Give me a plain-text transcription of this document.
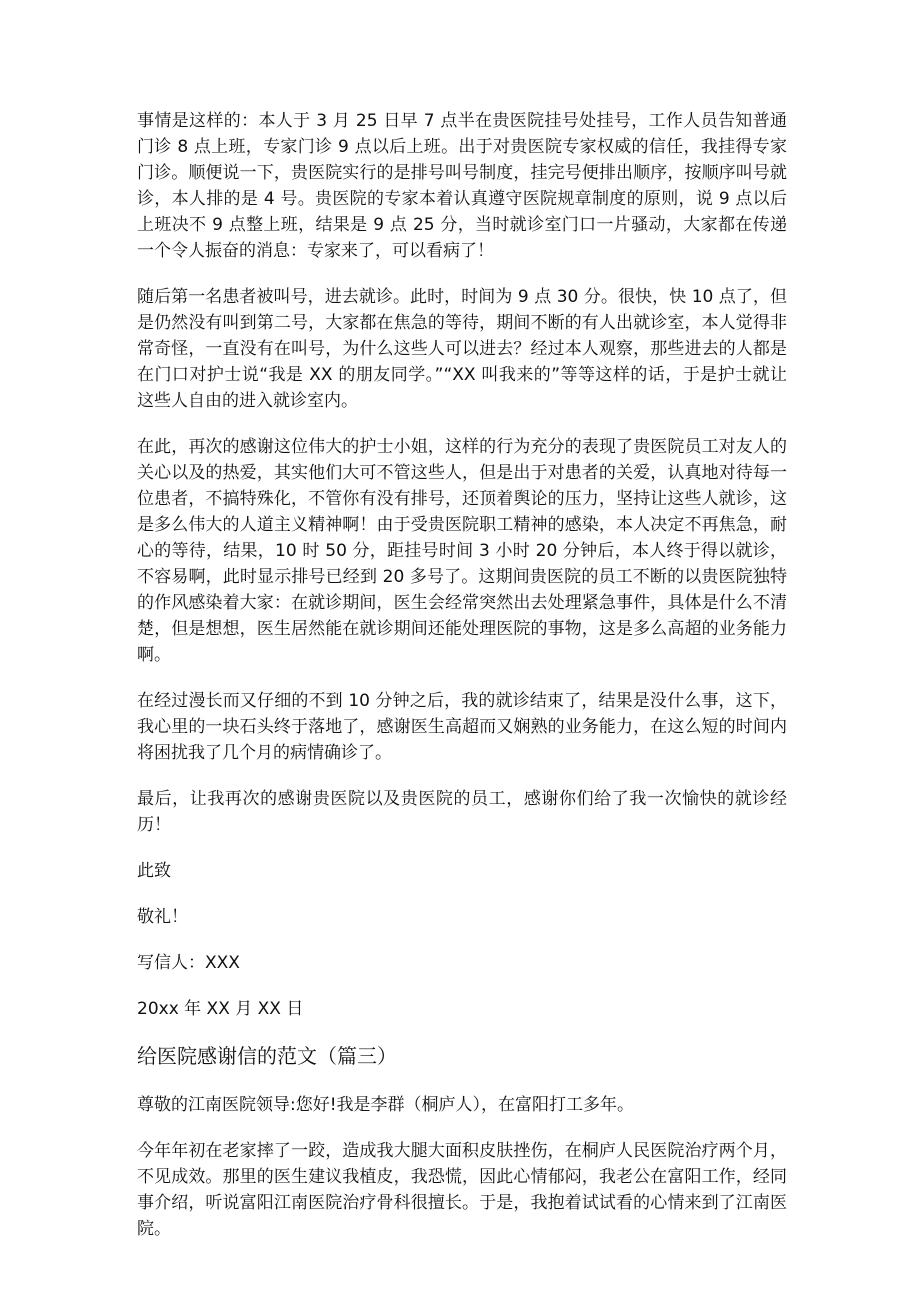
事情是这样的：本人于 3 月 25 日早 7 点半在贵医院挂号处挂号，工作人员告知普通门诊 8 点上班，专家门诊 9 点以后上班。出于对贵医院专家权威的信任，我挂得专家门诊。顺便说一下，贵医院实行的是排号叫号制度，挂完号便排出顺序，按顺序叫号就诊，本人排的是 4 号。贵医院的专家本着认真遵守医院规章制度的原则，说 9 点以后上班决不 9 点整上班，结果是 9 点 25 分，当时就诊室门口一片骚动，大家都在传递一个令人振奋的消息：专家来了，可以看病了！

随后第一名患者被叫号，进去就诊。此时，时间为 9 点 30 分。很快，快 10 点了，但是仍然没有叫到第二号，大家都在焦急的等待，期间不断的有人出就诊室，本人觉得非常奇怪，一直没有在叫号，为什么这些人可以进去？经过本人观察，那些进去的人都是在门口对护士说“我是 XX 的朋友同学。”“XX 叫我来的”等等这样的话，于是护士就让这些人自由的进入就诊室内。

在此，再次的感谢这位伟大的护士小姐，这样的行为充分的表现了贵医院员工对友人的关心以及的热爱，其实他们大可不管这些人，但是出于对患者的关爱，认真地对待每一位患者，不搞特殊化，不管你有没有排号，还顶着舆论的压力，坚持让这些人就诊，这是多么伟大的人道主义精神啊！由于受贵医院职工精神的感染，本人决定不再焦急，耐心的等待，结果，10 时 50 分，距挂号时间 3 小时 20 分钟后，本人终于得以就诊，不容易啊，此时显示排号已经到 20 多号了。这期间贵医院的员工不断的以贵医院独特的作风感染着大家：在就诊期间，医生会经常突然出去处理紧急事件，具体是什么不清楚，但是想想，医生居然能在就诊期间还能处理医院的事物，这是多么高超的业务能力啊。

在经过漫长而又仔细的不到 10 分钟之后，我的就诊结束了，结果是没什么事，这下，我心里的一块石头终于落地了，感谢医生高超而又娴熟的业务能力，在这么短的时间内将困扰我了几个月的病情确诊了。

最后，让我再次的感谢贵医院以及贵医院的员工，感谢你们给了我一次愉快的就诊经历！

此致

敬礼！

写信人：XXX

20xx 年 XX 月 XX 日

给医院感谢信的范文（篇三）

尊敬的江南医院领导:您好!我是李群（桐庐人），在富阳打工多年。

今年年初在老家摔了一跤，造成我大腿大面积皮肤挫伤，在桐庐人民医院治疗两个月，不见成效。那里的医生建议我植皮，我恐慌，因此心情郁闷，我老公在富阳工作，经同事介绍，听说富阳江南医院治疗骨科很擅长。于是，我抱着试试看的心情来到了江南医院。
